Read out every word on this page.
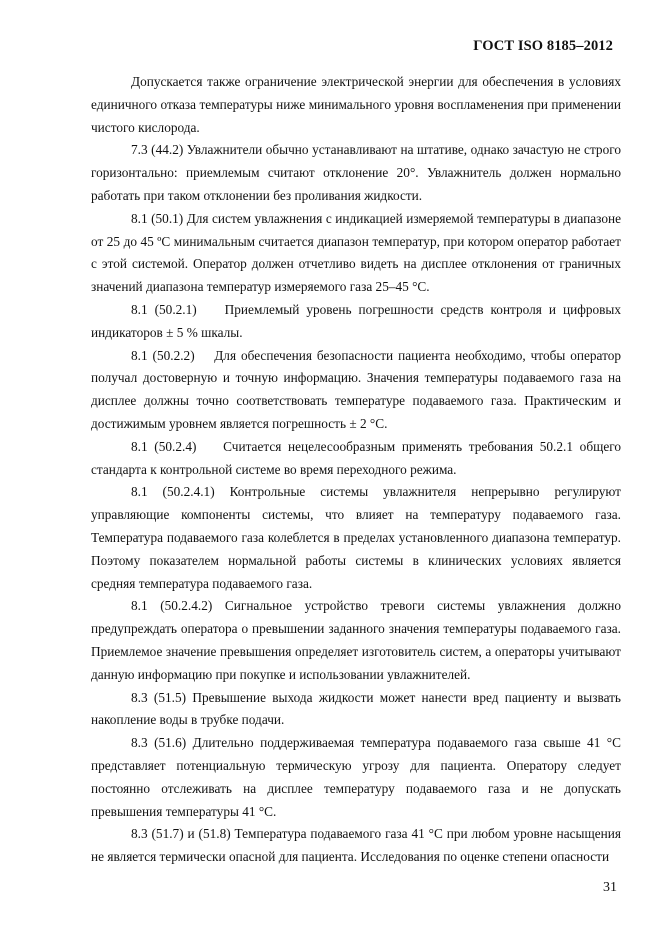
ГОСТ ISO 8185–2012

Допускается также ограничение электрической энергии для обеспечения в условиях единичного отказа температуры ниже минимального уровня воспламенения при применении чистого кислорода.

7.3 (44.2) Увлажнители обычно устанавливают на штативе, однако зачастую не строго горизонтально: приемлемым считают отклонение 20°. Увлажнитель должен нормально работать при таком отклонении без проливания жидкости.

8.1 (50.1) Для систем увлажнения с индикацией измеряемой температуры в диапазоне от 25 до 45 ºС минимальным считается диапазон температур, при котором оператор работает с этой системой. Оператор должен отчетливо видеть на дисплее отклонения от граничных значений диапазона температур измеряемого газа 25–45 °С.

8.1 (50.2.1)    Приемлемый уровень погрешности средств контроля и цифровых индикаторов ± 5 % шкалы.

8.1 (50.2.2)    Для обеспечения безопасности пациента необходимо, чтобы оператор получал достоверную и точную информацию. Значения температуры подаваемого газа на дисплее должны точно соответствовать температуре подаваемого газа. Практическим и достижимым уровнем является погрешность ± 2 °С.

8.1 (50.2.4)    Считается нецелесообразным применять требования 50.2.1 общего стандарта к контрольной системе во время переходного режима.

8.1 (50.2.4.1) Контрольные системы увлажнителя непрерывно регулируют управляющие компоненты системы, что влияет на температуру подаваемого газа. Температура подаваемого газа колеблется в пределах установленного диапазона температур. Поэтому показателем нормальной работы системы в клинических условиях является средняя температура подаваемого газа.

8.1 (50.2.4.2) Сигнальное устройство тревоги системы увлажнения должно предупреждать оператора о превышении заданного значения температуры подаваемого газа. Приемлемое значение превышения определяет изготовитель систем, а операторы учитывают данную информацию при покупке и использовании увлажнителей.

8.3 (51.5) Превышение выхода жидкости может нанести вред пациенту и вызвать накопление воды в трубке подачи.

8.3 (51.6) Длительно поддерживаемая температура подаваемого газа свыше 41 °С представляет потенциальную термическую угрозу для пациента. Оператору следует постоянно отслеживать на дисплее температуру подаваемого газа и не допускать превышения температуры 41 °С.

8.3 (51.7) и (51.8) Температура подаваемого газа 41 °С при любом уровне насыщения не является термически опасной для пациента. Исследования по оценке степени опасности

31
